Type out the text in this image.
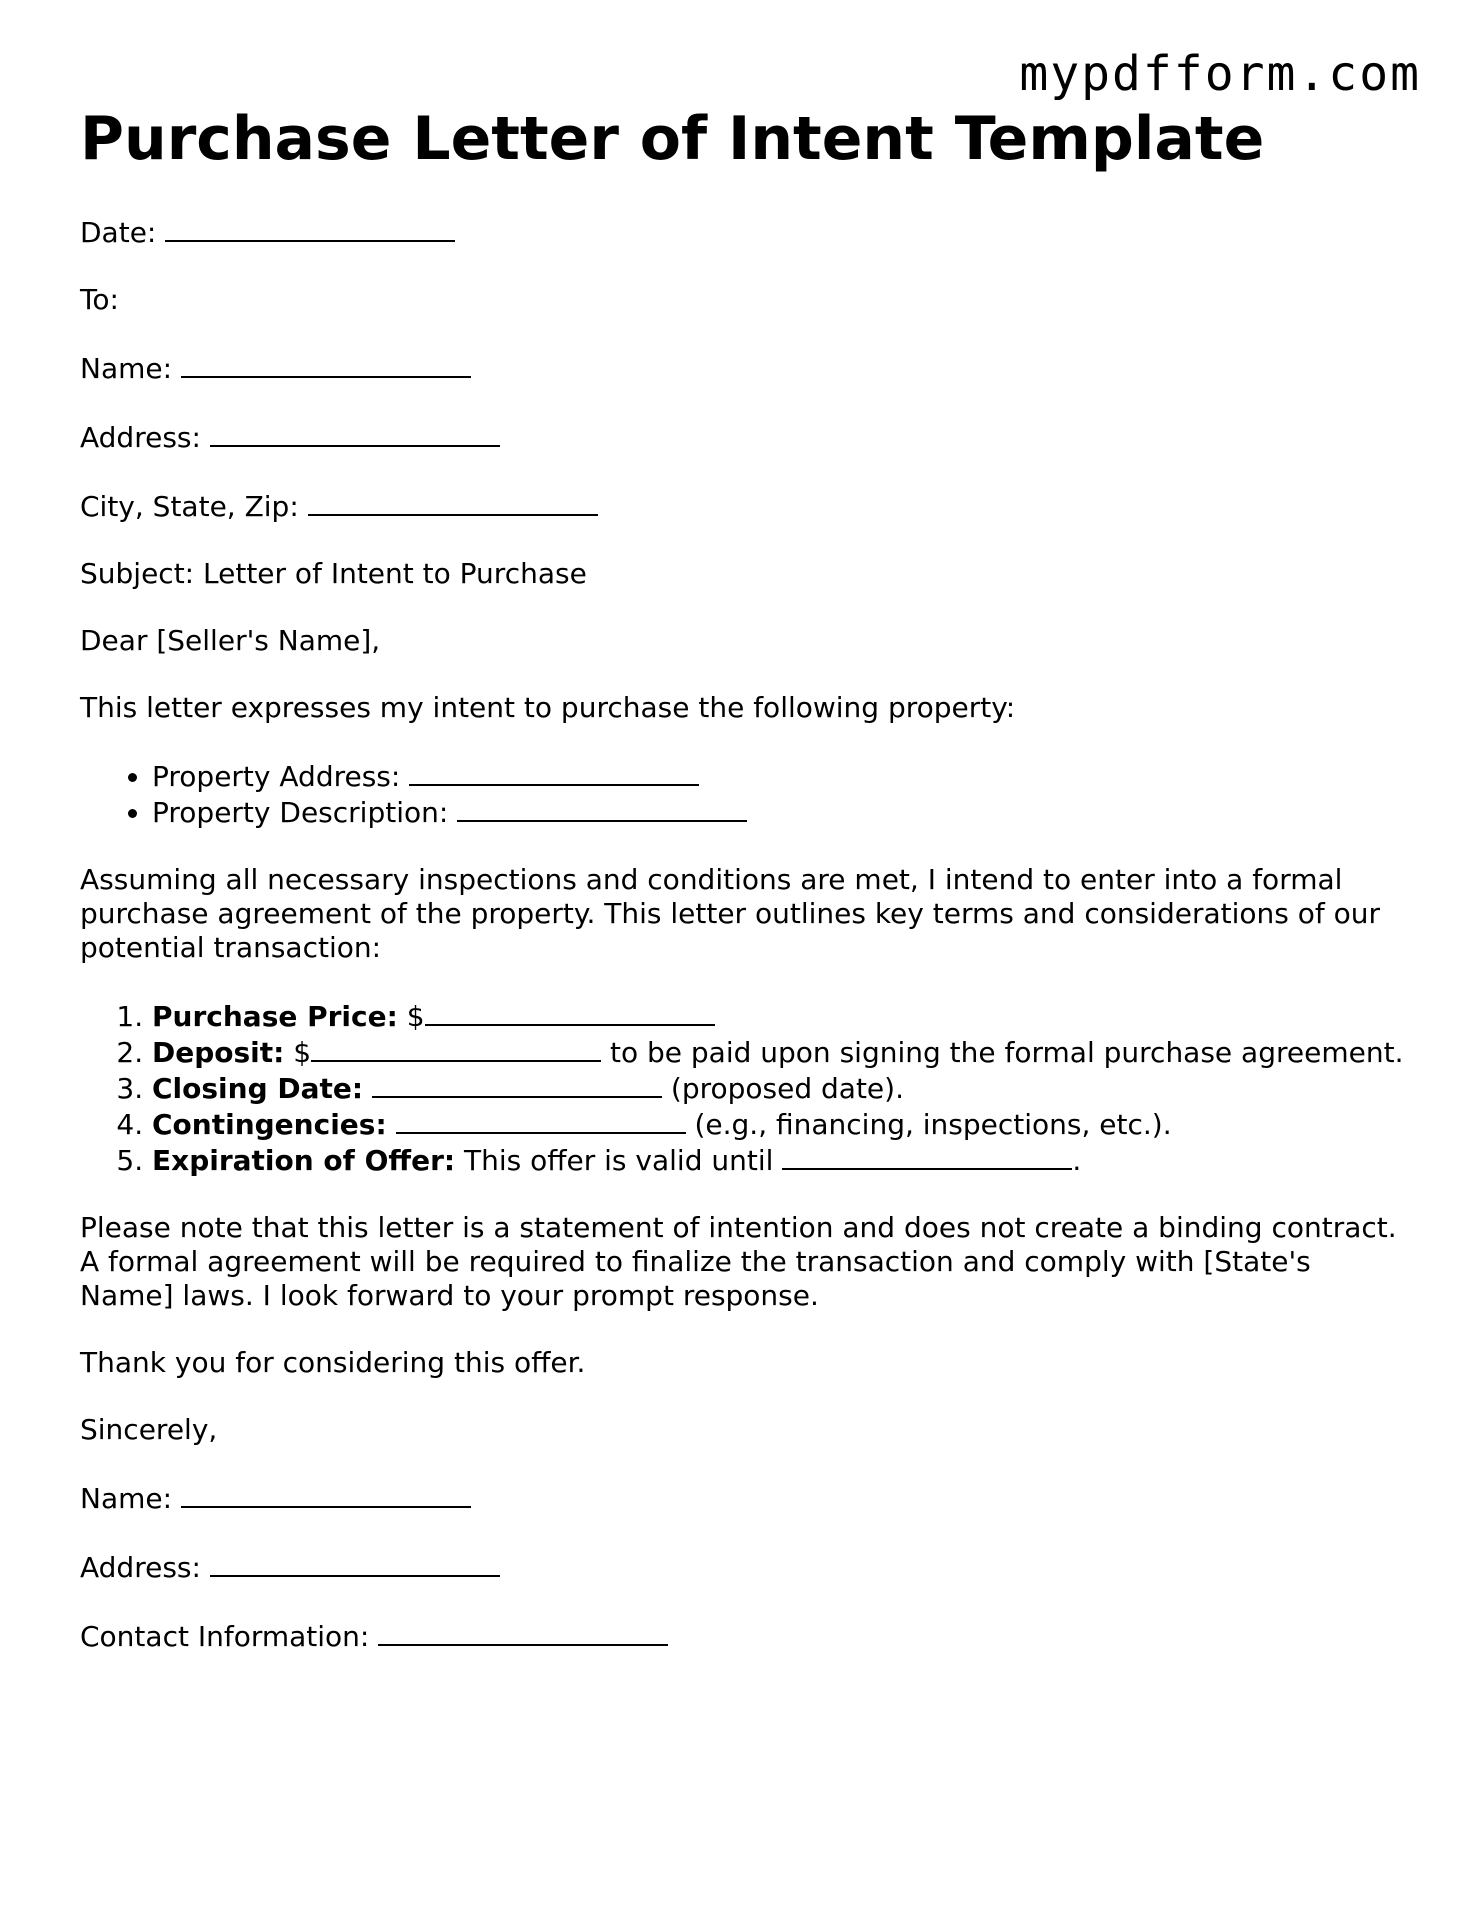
mypdfform.com
Purchase Letter of Intent Template

Date:

To:

Name:

Address:

City, State, Zip:

Subject: Letter of Intent to Purchase

Dear [Seller's Name],

This letter expresses my intent to purchase the following property:

• Property Address:
• Property Description:

Assuming all necessary inspections and conditions are met, I intend to enter into a formal purchase agreement of the property. This letter outlines key terms and considerations of our potential transaction:

1. Purchase Price: $
2. Deposit: $	to be paid upon signing the formal purchase agreement.
3. Closing Date:	(proposed date).
4. Contingencies:	(e.g., financing, inspections, etc.).
5. Expiration of Offer: This offer is valid until	.

Please note that this letter is a statement of intention and does not create a binding contract. A formal agreement will be required to finalize the transaction and comply with [State's Name] laws. I look forward to your prompt response.

Thank you for considering this offer.

Sincerely,

Name:

Address:

Contact Information:
